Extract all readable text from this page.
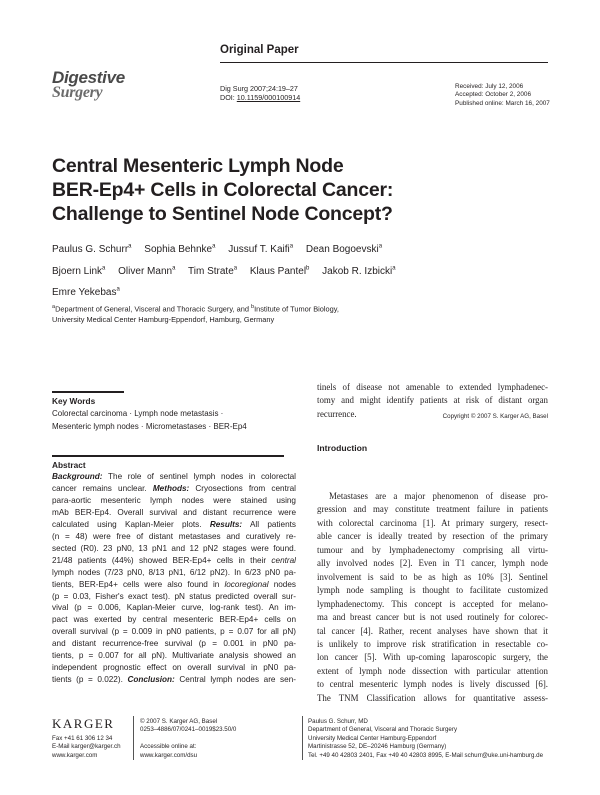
Original Paper
Digestive
Surgery	Dig Surg 2007;24:19–27
DOI: 10.1159/000100914
Received: July 12, 2006
Accepted: October 2, 2006
Published online: March 16, 2007
Central Mesenteric Lymph Node
BER-Ep4+ Cells in Colorectal Cancer:
Challenge to Sentinel Node Concept?
Paulus G. Schurr$^a$ Sophia Behnke$^a$ Jussuf T. Kaifi$^a$ Dean Bogoevski$^a$ Bjoern Link$^a$ Oliver Mann$^a$ Tim Strate$^a$ Klaus Pantel$^b$ Jakob R. Izbicki$^a$ Emre Yekebas$^a$
$^a$Department of General, Visceral and Thoracic Surgery, and $^b$Institute of Tumor Biology,
University Medical Center Hamburg-Eppendorf, Hamburg, Germany
Key Words
Colorectal carcinoma · Lymph node metastasis ·
Mesenteric lymph nodes · Micrometastases · BER-Ep4
tinels of disease not amenable to extended lymphadenec-
tomy and might identify patients at risk of distant organ
recurrence.	Copyright © 2007 S. Karger AG, Basel
Abstract
Background: The role of sentinel lymph nodes in colorectal
cancer remains unclear. Methods: Cryosections from central
para-aortic mesenteric lymph nodes were stained using
mAb BER-Ep4. Overall survival and distant recurrence were
calculated using Kaplan-Meier plots. Results: All patients
(n = 48) were free of distant metastases and curatively re-
sected (R0). 23 pN0, 13 pN1 and 12 pN2 stages were found.
21/48 patients (44%) showed BER-Ep4+ cells in their central
lymph nodes (7/23 pN0, 8/13 pN1, 6/12 pN2). In 6/23 pN0 pa-
tients, BER-Ep4+ cells were also found in locoregional nodes
(p = 0.03, Fisher's exact test). pN status predicted overall sur-
vival (p = 0.006, Kaplan-Meier curve, log-rank test). An im-
pact was exerted by central mesenteric BER-Ep4+ cells on
overall survival (p = 0.009 in pN0 patients, p = 0.07 for all pN)
and distant recurrence-free survival (p = 0.001 in pN0 pa-
tients, p = 0.007 for all pN). Multivariate analysis showed an
independent prognostic effect on overall survival in pN0 pa-
tients (p = 0.022). Conclusion: Central lymph nodes are sen-
Introduction
Metastases are a major phenomenon of disease pro-
gression and may constitute treatment failure in patients
with colorectal carcinoma [1]. At primary surgery, resect-
able cancer is ideally treated by resection of the primary
tumour and by lymphadenectomy comprising all virtu-
ally involved nodes [2]. Even in T1 cancer, lymph node
involvement is said to be as high as 10% [3]. Sentinel
lymph node sampling is thought to facilitate customized
lymphadenectomy. This concept is accepted for melano-
ma and breast cancer but is not used routinely for colorec-
tal cancer [4]. Rather, recent analyses have shown that it
is unlikely to improve risk stratification in resectable co-
lon cancer [5]. With up-coming laparoscopic surgery, the
extent of lymph node dissection with particular attention
to central mesenteric lymph nodes is lively discussed [6].
The TNM Classification allows for quantitative assess-
KARGER
Fax +41 61 306 12 34
E-Mail karger@karger.ch
www.karger.com
© 2007 S. Karger AG, Basel
0253–4886/07/0241–0019$23.50/0

Accessible online at:
www.karger.com/dsu
Paulus G. Schurr, MD
Department of General, Visceral and Thoracic Surgery
University Medical Center Hamburg-Eppendorf
Martinistrasse 52, DE–20246 Hamburg (Germany)
Tel. +49 40 42803 2401, Fax +49 40 42803 8995, E-Mail schurr@uke.uni-hamburg.de
